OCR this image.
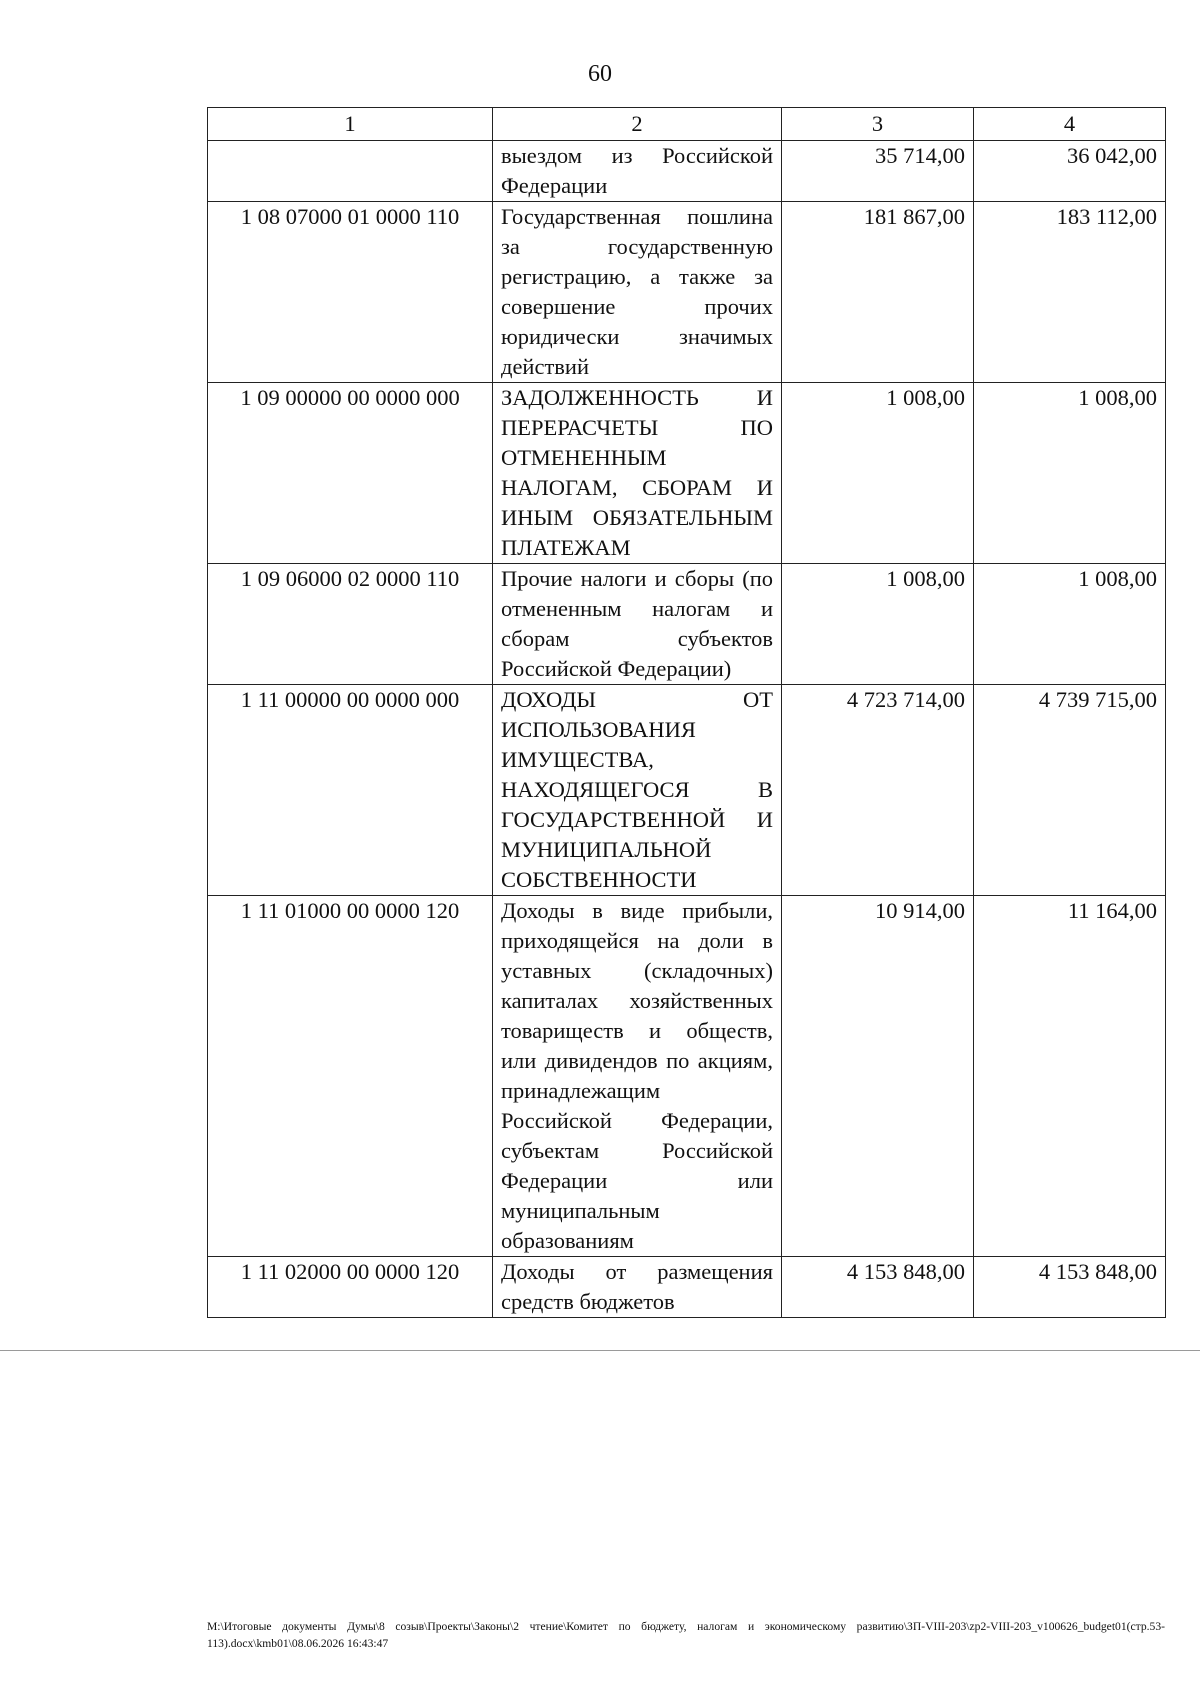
60
1	2	3	4
	выездом из Российской Федерации	35 714,00	36 042,00
1 08 07000 01 0000 110	Государственная пошлина за государственную регистрацию, а также за совершение прочих юридически значимых действий	181 867,00	183 112,00
1 09 00000 00 0000 000	ЗАДОЛЖЕННОСТЬ И ПЕРЕРАСЧЕТЫ ПО ОТМЕНЕННЫМ НАЛОГАМ, СБОРАМ И ИНЫМ ОБЯЗАТЕЛЬНЫМ ПЛАТЕЖАМ	1 008,00	1 008,00
1 09 06000 02 0000 110	Прочие налоги и сборы (по отмененным налогам и сборам субъектов Российской Федерации)	1 008,00	1 008,00
1 11 00000 00 0000 000	ДОХОДЫ ОТ ИСПОЛЬЗОВАНИЯ ИМУЩЕСТВА, НАХОДЯЩЕГОСЯ В ГОСУДАРСТВЕННОЙ И МУНИЦИПАЛЬНОЙ СОБСТВЕННОСТИ	4 723 714,00	4 739 715,00
1 11 01000 00 0000 120	Доходы в виде прибыли, приходящейся на доли в уставных (складочных) капиталах хозяйственных товариществ и обществ, или дивидендов по акциям, принадлежащим Российской Федерации, субъектам Российской Федерации или муниципальным образованиям	10 914,00	11 164,00
1 11 02000 00 0000 120	Доходы от размещения средств бюджетов	4 153 848,00	4 153 848,00
M:\Итоговые документы Думы\8 созыв\Проекты\Законы\2 чтение\Комитет по бюджету, налогам и экономическому развитию\ЗП-VIII-203\zp2-VIII-203_v100626_budget01(стр.53-113).docx\kmb01\08.06.2026 16:43:47
